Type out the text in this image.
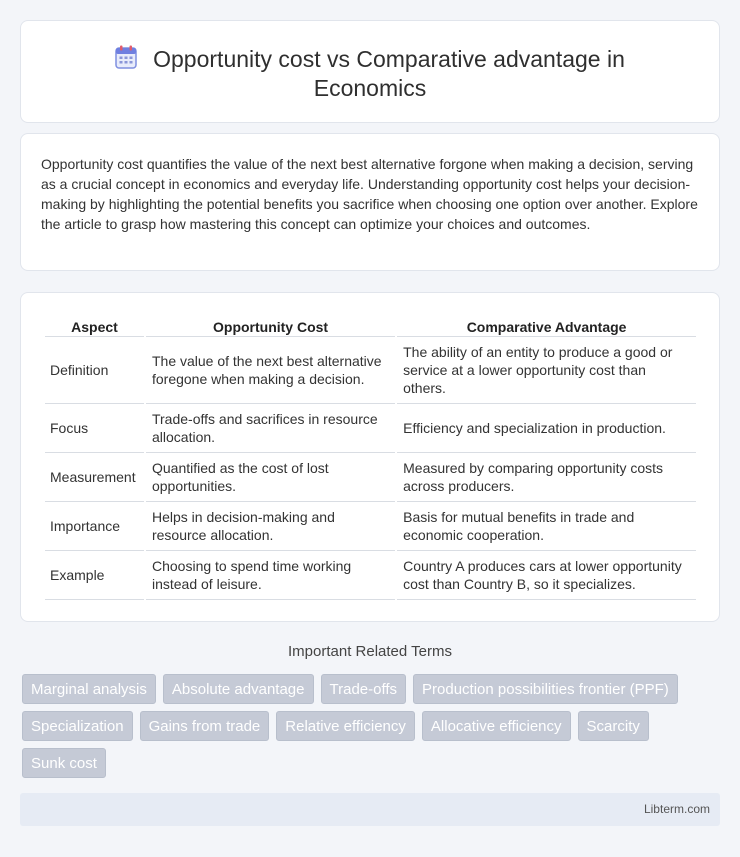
Opportunity cost vs Comparative advantage in
Economics

Opportunity cost quantifies the value of the next best alternative forgone when making a decision, serving as a crucial concept in economics and everyday life. Understanding opportunity cost helps your decision-making by highlighting the potential benefits you sacrifice when choosing one option over another. Explore the article to grasp how mastering this concept can optimize your choices and outcomes.

Aspect	Opportunity Cost	Comparative Advantage
Definition	The value of the next best alternative foregone when making a decision.	The ability of an entity to produce a good or service at a lower opportunity cost than others.
Focus	Trade-offs and sacrifices in resource allocation.	Efficiency and specialization in production.
Measurement	Quantified as the cost of lost opportunities.	Measured by comparing opportunity costs across producers.
Importance	Helps in decision-making and resource allocation.	Basis for mutual benefits in trade and economic cooperation.
Example	Choosing to spend time working instead of leisure.	Country A produces cars at lower opportunity cost than Country B, so it specializes.
Important Related Terms
Marginal analysis	Absolute advantage	Trade-offs	Production possibilities frontier (PPF)
Specialization	Gains from trade	Relative efficiency	Allocative efficiency	Scarcity
Sunk cost
Libterm.com
